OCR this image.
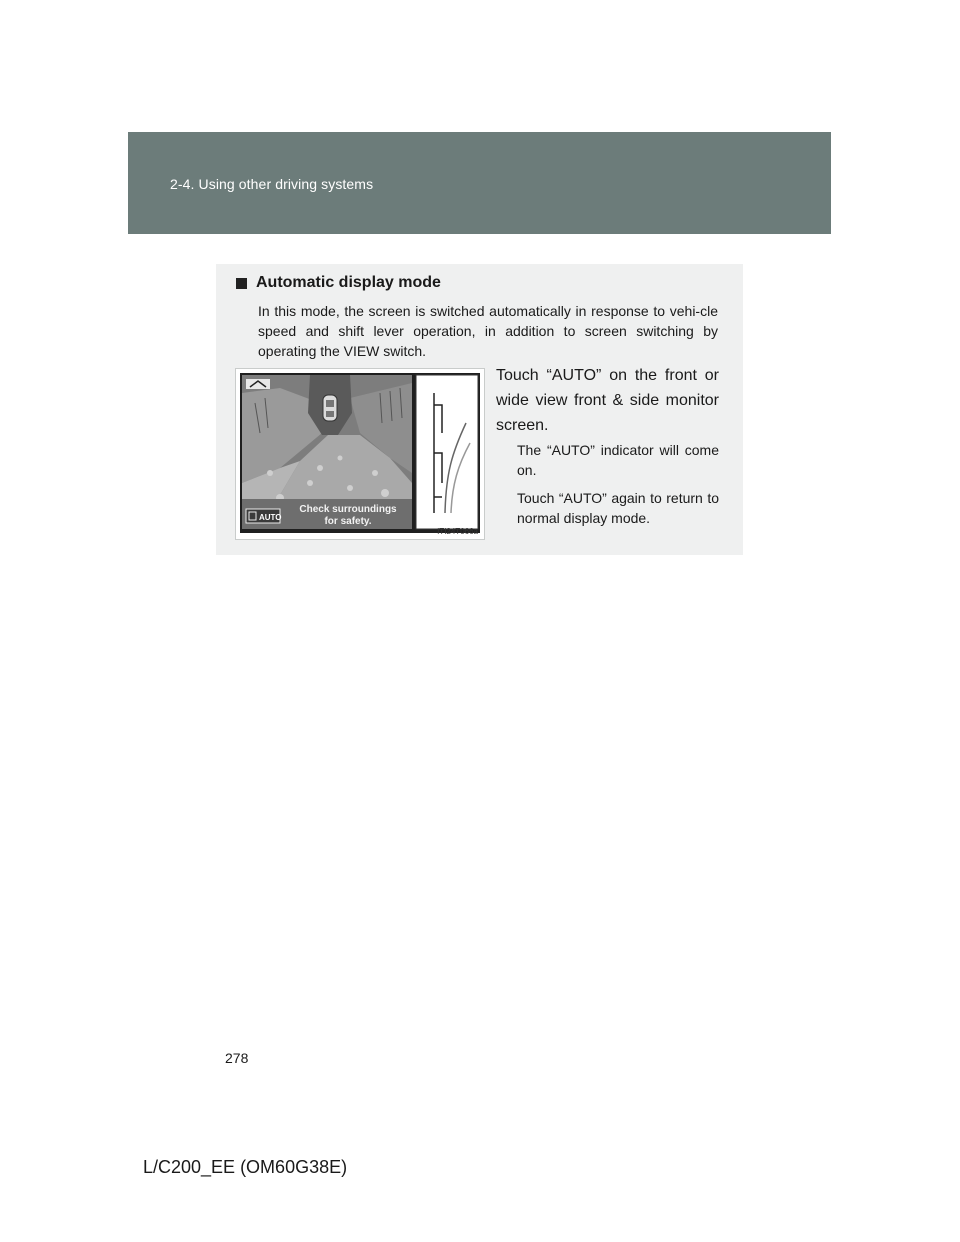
2-4. Using other driving systems
Automatic display mode
In this mode, the screen is switched automatically in response to vehi-cle speed and shift lever operation, in addition to screen switching by operating the VIEW switch.
AUTO
Check surroundings
for safety.
ITI24T066a
Touch “AUTO” on the front or wide view front & side monitor screen.
The “AUTO” indicator will come on.
Touch “AUTO” again to return to normal display mode.
278
L/C200_EE (OM60G38E)
